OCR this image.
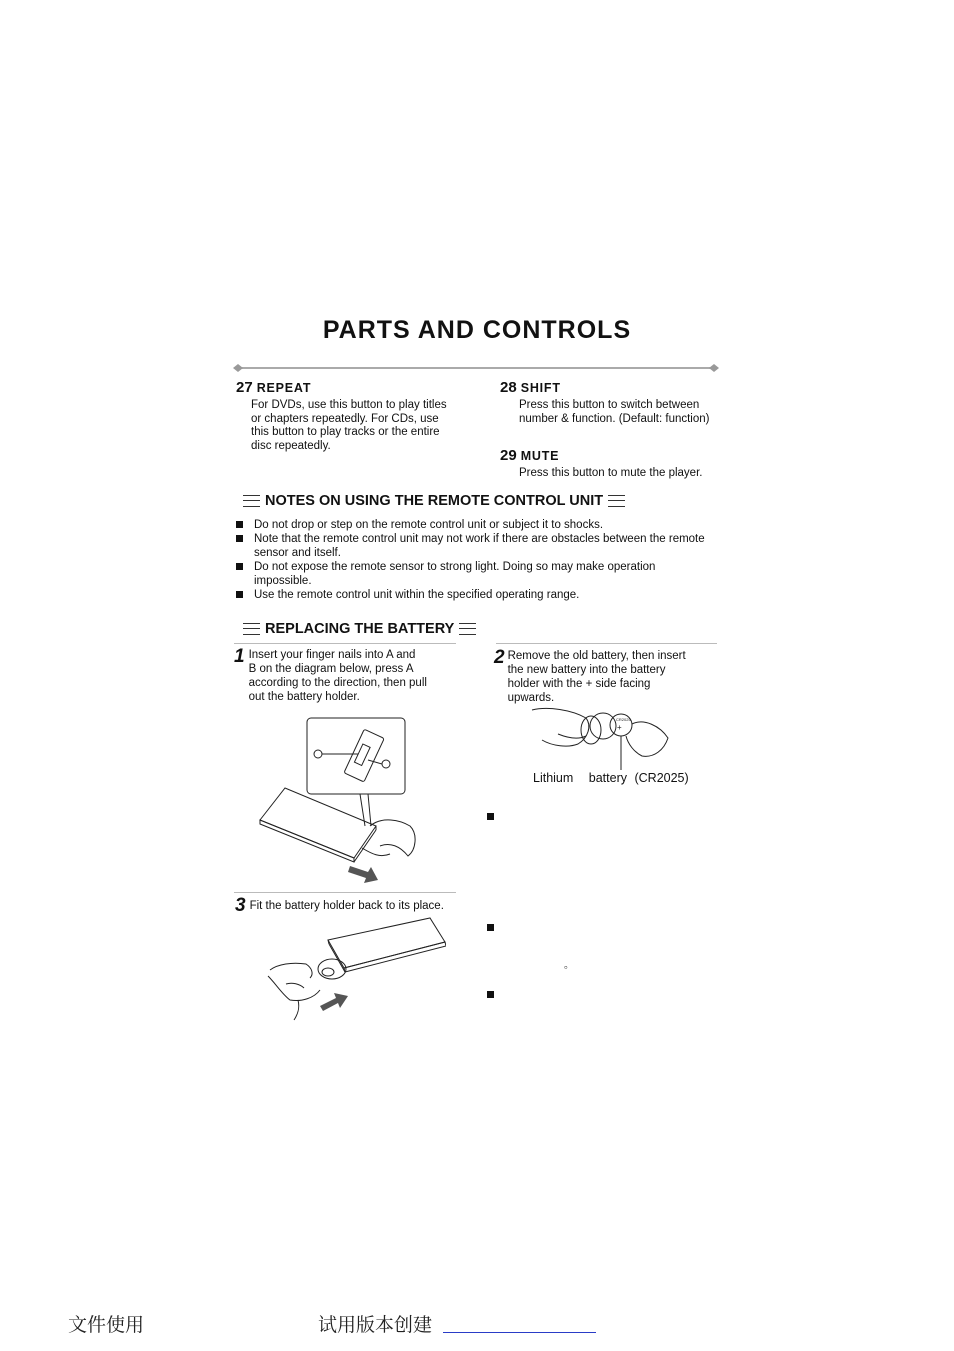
PARTS AND CONTROLS
27 REPEAT
For DVDs, use this button to play titles
or chapters repeatedly. For CDs, use
this button to play tracks or the entire
disc repeatedly.
28 SHIFT
Press this button to switch between
number & function. (Default: function)
29 MUTE
Press this button to mute the player.
NOTES ON USING THE REMOTE CONTROL UNIT
Do not drop or step on the remote control unit or subject it to shocks.
Note that the remote control unit may not work if there are obstacles between the remote sensor and itself.
Do not expose the remote sensor to strong light. Doing so may make operation impossible.
Use the remote control unit within the specified operating range.
REPLACING THE BATTERY
1 Insert your finger nails into A and
B on the diagram below, press A
according to the direction, then pull
out the battery holder.
2 Remove the old battery, then insert
the new battery into the battery
holder with the + side facing
upwards.
3 Fit the battery holder back to its place.
CR2025
+
Lithium battery (CR2025)
。
文件使用	试用版本创建
